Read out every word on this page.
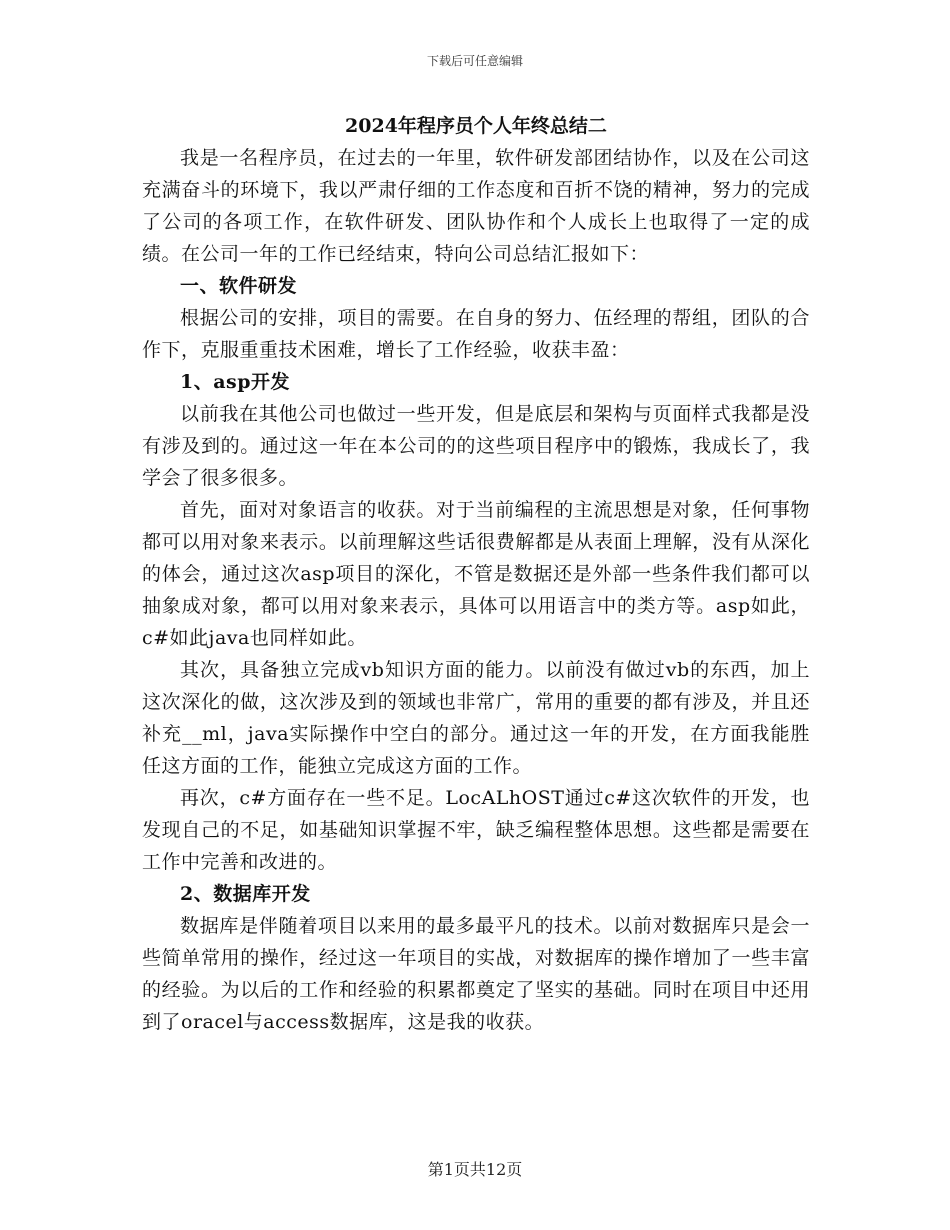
下载后可任意编辑
2024年程序员个人年终总结二

我是一名程序员，在过去的一年里，软件研发部团结协作，以及在公司这充满奋斗的环境下，我以严肃仔细的工作态度和百折不饶的精神，努力的完成了公司的各项工作，在软件研发、团队协作和个人成长上也取得了一定的成绩。在公司一年的工作已经结束，特向公司总结汇报如下：

一、软件研发

根据公司的安排，项目的需要。在自身的努力、伍经理的帮组，团队的合作下，克服重重技术困难，增长了工作经验，收获丰盈：

1、asp开发

以前我在其他公司也做过一些开发，但是底层和架构与页面样式我都是没有涉及到的。通过这一年在本公司的的这些项目程序中的锻炼，我成长了，我学会了很多很多。

首先，面对对象语言的收获。对于当前编程的主流思想是对象，任何事物都可以用对象来表示。以前理解这些话很费解都是从表面上理解，没有从深化的体会，通过这次asp项目的深化，不管是数据还是外部一些条件我们都可以抽象成对象，都可以用对象来表示，具体可以用语言中的类方等。asp如此，c#如此java也同样如此。

其次，具备独立完成vb知识方面的能力。以前没有做过vb的东西，加上这次深化的做，这次涉及到的领域也非常广，常用的重要的都有涉及，并且还补充__ml，java实际操作中空白的部分。通过这一年的开发，在方面我能胜任这方面的工作，能独立完成这方面的工作。

再次，c#方面存在一些不足。LocALhOST通过c#这次软件的开发，也发现自己的不足，如基础知识掌握不牢，缺乏编程整体思想。这些都是需要在工作中完善和改进的。

2、数据库开发

数据库是伴随着项目以来用的最多最平凡的技术。以前对数据库只是会一些简单常用的操作，经过这一年项目的实战，对数据库的操作增加了一些丰富的经验。为以后的工作和经验的积累都奠定了坚实的基础。同时在项目中还用到了oracel与access数据库，这是我的收获。

第1页共12页
